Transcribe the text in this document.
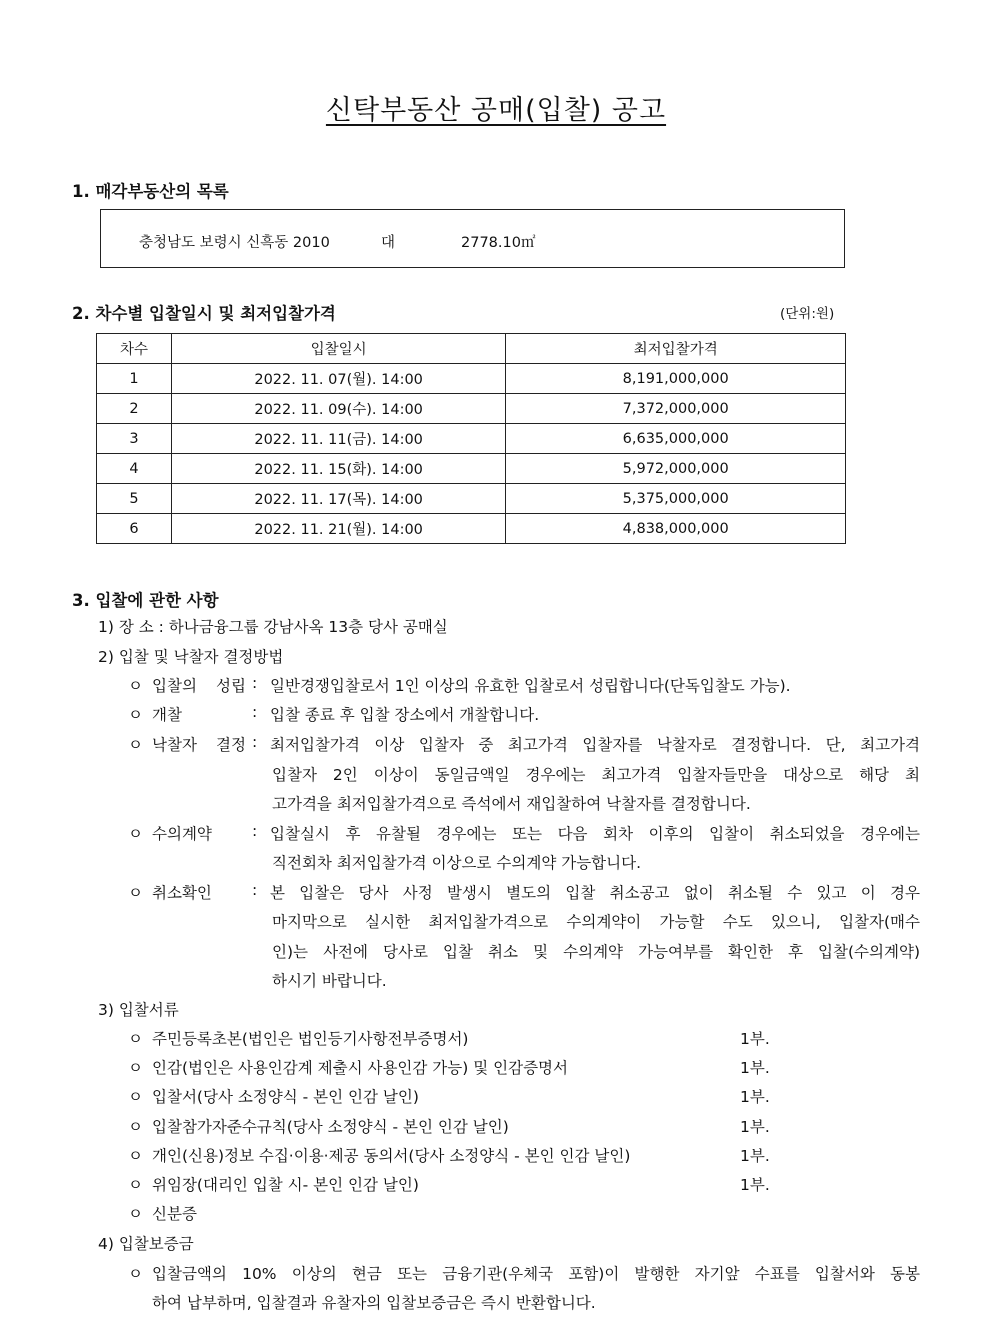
신탁부동산 공매(입찰) 공고
1. 매각부동산의 목록
충청남도 보령시 신흑동 2010	대	2778.10㎡
2. 차수별 입찰일시 및 최저입찰가격	(단위:원)
차수	입찰일시	최저입찰가격
1	2022. 11. 07(월). 14:00	8,191,000,000
2	2022. 11. 09(수). 14:00	7,372,000,000
3	2022. 11. 11(금). 14:00	6,635,000,000
4	2022. 11. 15(화). 14:00	5,972,000,000
5	2022. 11. 17(목). 14:00	5,375,000,000
6	2022. 11. 21(월). 14:00	4,838,000,000
3. 입찰에 관한 사항
1) 장 소 : 하나금융그룹 강남사옥 13층 당사 공매실
2) 입찰 및 낙찰자 결정방법
ㅇ 입찰의 성립 : 일반경쟁입찰로서 1인 이상의 유효한 입찰로서 성립합니다(단독입찰도 가능).
ㅇ 개찰	: 입찰 종료 후 입찰 장소에서 개찰합니다.
ㅇ 낙찰자 결정 : 최저입찰가격 이상 입찰자 중 최고가격 입찰자를 낙찰자로 결정합니다. 단, 최고가격
입찰자 2인 이상이 동일금액일 경우에는 최고가격 입찰자들만을 대상으로 해당 최
고가격을 최저입찰가격으로 즉석에서 재입찰하여 낙찰자를 결정합니다.
ㅇ 수의계약	: 입찰실시 후 유찰될 경우에는 또는 다음 회차 이후의 입찰이 취소되었을 경우에는
직전회차 최저입찰가격 이상으로 수의계약 가능합니다.
ㅇ 취소확인	: 본 입찰은 당사 사정 발생시 별도의 입찰 취소공고 없이 취소될 수 있고 이 경우
마지막으로 실시한 최저입찰가격으로 수의계약이 가능할 수도 있으니, 입찰자(매수
인)는 사전에 당사로 입찰 취소 및 수의계약 가능여부를 확인한 후 입찰(수의계약)
하시기 바랍니다.
3) 입찰서류
ㅇ 주민등록초본(법인은 법인등기사항전부증명서)	1부.
ㅇ 인감(법인은 사용인감계 제출시 사용인감 가능) 및 인감증명서	1부.
ㅇ 입찰서(당사 소정양식 - 본인 인감 날인)	1부.
ㅇ 입찰참가자준수규칙(당사 소정양식 - 본인 인감 날인)	1부.
ㅇ 개인(신용)정보 수집·이용·제공 동의서(당사 소정양식 - 본인 인감 날인)	1부.
ㅇ 위임장(대리인 입찰 시- 본인 인감 날인)	1부.
ㅇ 신분증
4) 입찰보증금
ㅇ 입찰금액의 10% 이상의 현금 또는 금융기관(우체국 포함)이 발행한 자기앞 수표를 입찰서와 동봉
하여 납부하며, 입찰결과 유찰자의 입찰보증금은 즉시 반환합니다.
